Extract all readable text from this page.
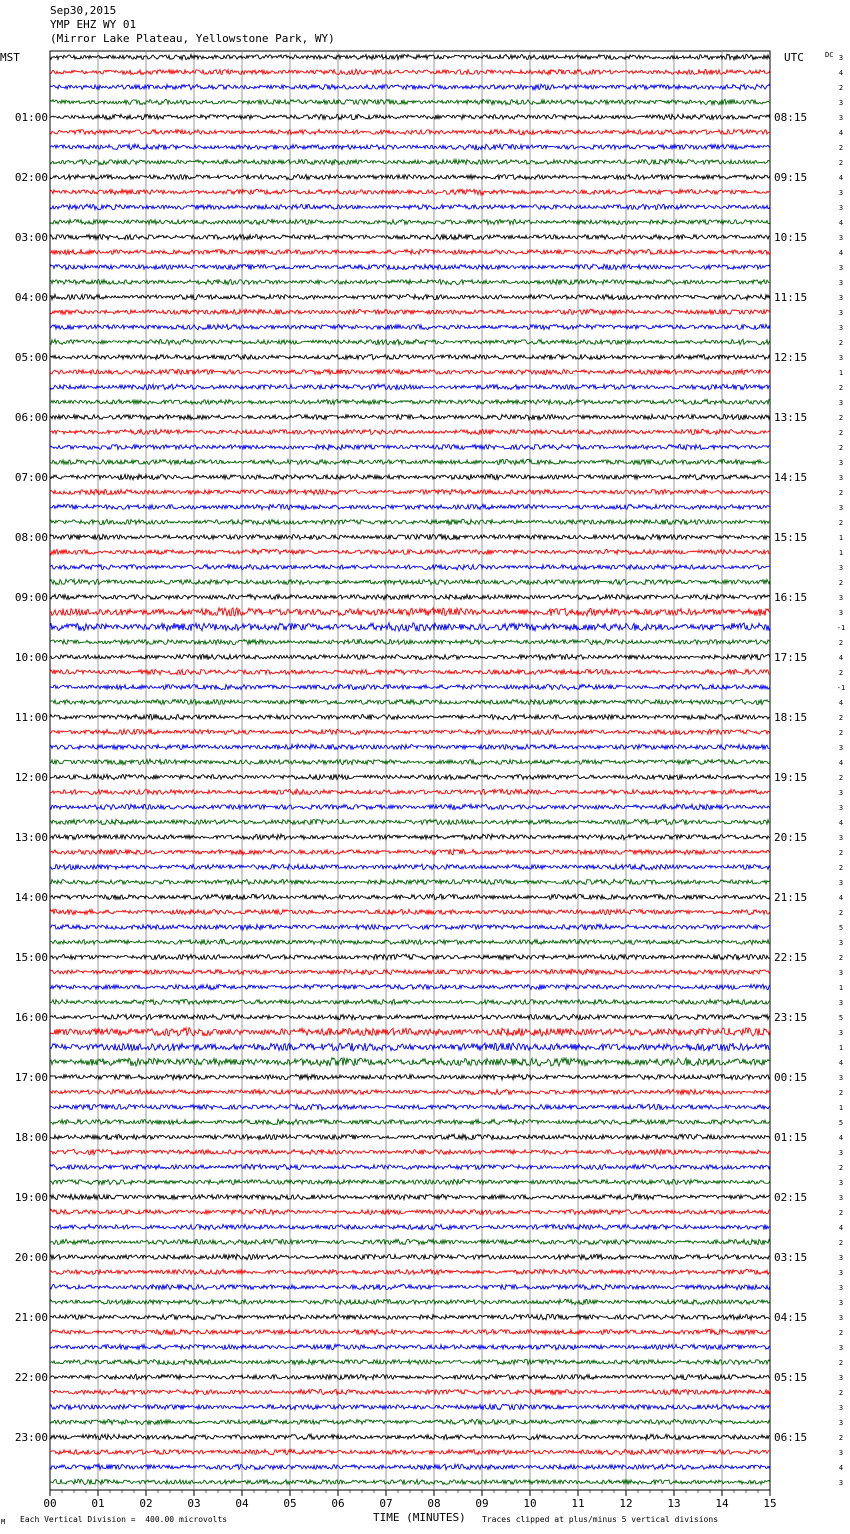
Sep30,2015
YMP EHZ WY 01
(Mirror Lake Plateau, Yellowstone Park, WY)
00	01	02	03	04	05	06	07	08	09	10	11	12	13	14	15
MST	UTC	DC 3
4
2
3
3
4
2
2
4
3
3
4
3
4
3
3
3
3
3
2
3
1
2
3
2
2
2
3
3
2
3
2
1
1
3
2
3
3
-1
2
4
2
-1
4
2
2
3
4
2
3
3
4
3
2
2
3
4
2
5
3
2
3
1
3
5
3
1
4
3
2
1
5
4
3
2
3
3
2
4
2
3
3
3
3
3
2
3
2
3
2
3
3
2
3
4
3
01:00
02:00
03:00
04:00
05:00
06:00
07:00
08:00
09:00
10:00
11:00
12:00
13:00
14:00
15:00
16:00
17:00
18:00
19:00
20:00
21:00
22:00
23:00
08:15
09:15
10:15
11:15
12:15
13:15
14:15
15:15
16:15
17:15
18:15
19:15
20:15
21:15
22:15
23:15
00:15
01:15
02:15
03:15
04:15
05:15
06:15
M Each Vertical Division =  400.00 microvolts	TIME (MINUTES) Traces clipped at plus/minus 5 vertical divisions
